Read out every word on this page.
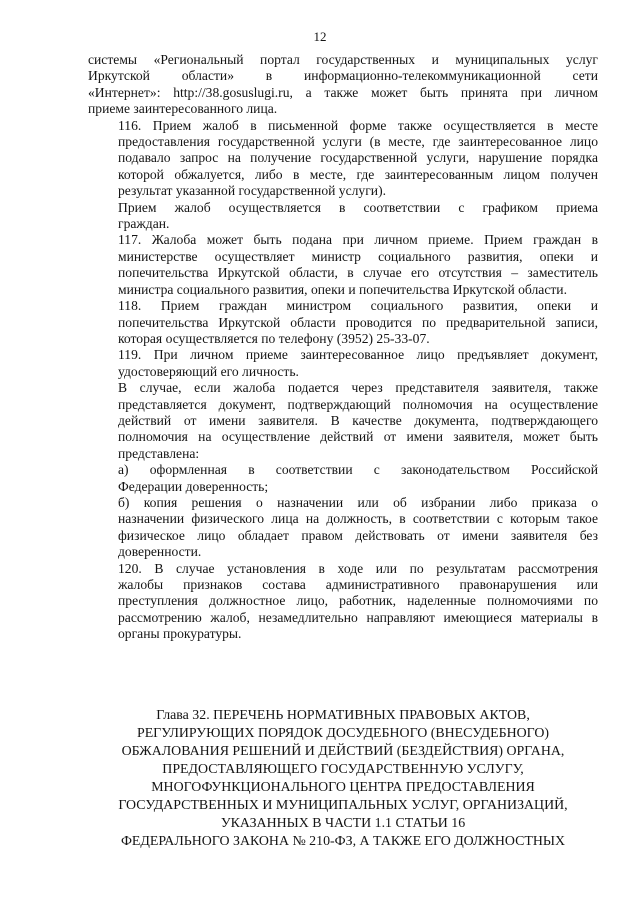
12

системы «Региональный портал государственных и муниципальных услуг
Иркутской области» в информационно-телекоммуникационной сети
«Интернет»: http://38.gosuslugi.ru, а также может быть принята при личном
приеме заинтересованного лица.

116. Прием жалоб в письменной форме также осуществляется в месте
предоставления государственной услуги (в месте, где заинтересованное лицо
подавало запрос на получение государственной услуги, нарушение порядка
которой обжалуется, либо в месте, где заинтересованным лицом получен
результат указанной государственной услуги).

Прием жалоб осуществляется в соответствии с графиком приема
граждан.

117. Жалоба может быть подана при личном приеме. Прием граждан в
министерстве осуществляет министр социального развития, опеки и
попечительства Иркутской области, в случае его отсутствия – заместитель
министра социального развития, опеки и попечительства Иркутской области.

118. Прием граждан министром социального развития, опеки и
попечительства Иркутской области проводится по предварительной записи,
которая осуществляется по телефону (3952) 25-33-07.

119. При личном приеме заинтересованное лицо предъявляет документ,
удостоверяющий его личность.

В случае, если жалоба подается через представителя заявителя, также
представляется документ, подтверждающий полномочия на осуществление
действий от имени заявителя. В качестве документа, подтверждающего
полномочия на осуществление действий от имени заявителя, может быть
представлена:

а) оформленная в соответствии с законодательством Российской
Федерации доверенность;

б) копия решения о назначении или об избрании либо приказа о
назначении физического лица на должность, в соответствии с которым такое
физическое лицо обладает правом действовать от имени заявителя без
доверенности.

120. В случае установления в ходе или по результатам рассмотрения
жалобы признаков состава административного правонарушения или
преступления должностное лицо, работник, наделенные полномочиями по
рассмотрению жалоб, незамедлительно направляют имеющиеся материалы в
органы прокуратуры.

Глава 32. ПЕРЕЧЕНЬ НОРМАТИВНЫХ ПРАВОВЫХ АКТОВ,
РЕГУЛИРУЮЩИХ ПОРЯДОК ДОСУДЕБНОГО (ВНЕСУДЕБНОГО)
ОБЖАЛОВАНИЯ РЕШЕНИЙ И ДЕЙСТВИЙ (БЕЗДЕЙСТВИЯ) ОРГАНА,
ПРЕДОСТАВЛЯЮЩЕГО ГОСУДАРСТВЕННУЮ УСЛУГУ,
МНОГОФУНКЦИОНАЛЬНОГО ЦЕНТРА ПРЕДОСТАВЛЕНИЯ
ГОСУДАРСТВЕННЫХ И МУНИЦИПАЛЬНЫХ УСЛУГ, ОРГАНИЗАЦИЙ,
УКАЗАННЫХ В ЧАСТИ 1.1 СТАТЬИ 16
ФЕДЕРАЛЬНОГО ЗАКОНА № 210-ФЗ, А ТАКЖЕ ЕГО ДОЛЖНОСТНЫХ
